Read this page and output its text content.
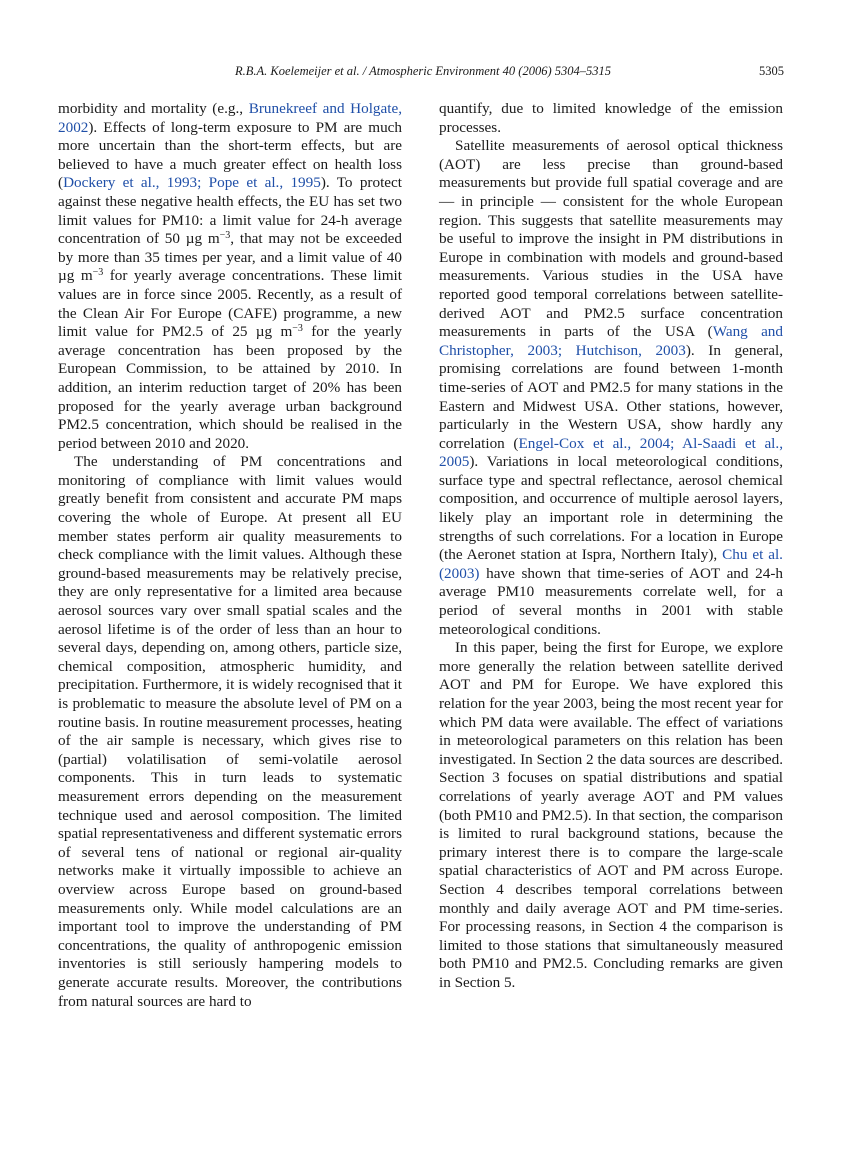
R.B.A. Koelemeijer et al. / Atmospheric Environment 40 (2006) 5304–5315	5305

morbidity and mortality (e.g., Brunekreef and Holgate, 2002). Effects of long-term exposure to PM are much more uncertain than the short-term effects, but are believed to have a much greater effect on health loss (Dockery et al., 1993; Pope et al., 1995). To protect against these negative health effects, the EU has set two limit values for PM10: a limit value for 24-h average concentration of 50 µg $m^{-3}$, that may not be exceeded by more than 35 times per year, and a limit value of 40 µg $m^{-3}$ for yearly average concentrations. These limit values are in force since 2005. Recently, as a result of the Clean Air For Europe (CAFE) programme, a new limit value for PM2.5 of 25 µg $m^{-3}$ for the yearly average concentration has been proposed by the European Commission, to be attained by 2010. In addition, an interim reduction target of 20% has been proposed for the yearly average urban background PM2.5 concentration, which should be realised in the period between 2010 and 2020.

The understanding of PM concentrations and monitoring of compliance with limit values would greatly benefit from consistent and accurate PM maps covering the whole of Europe. At present all EU member states perform air quality measurements to check compliance with the limit values. Although these ground-based measurements may be relatively precise, they are only representative for a limited area because aerosol sources vary over small spatial scales and the aerosol lifetime is of the order of less than an hour to several days, depending on, among others, particle size, chemical composition, atmospheric humidity, and precipitation. Furthermore, it is widely recognised that it is problematic to measure the absolute level of PM on a routine basis. In routine measurement processes, heating of the air sample is necessary, which gives rise to (partial) volatilisation of semi-volatile aerosol components. This in turn leads to systematic measurement errors depending on the measurement technique used and aerosol composition. The limited spatial representativeness and different systematic errors of several tens of national or regional air-quality networks make it virtually impossible to achieve an overview across Europe based on ground-based measurements only. While model calculations are an important tool to improve the understanding of PM concentrations, the quality of anthropogenic emission inventories is still seriously hampering models to generate accurate results. Moreover, the contributions from natural sources are hard to

quantify, due to limited knowledge of the emission processes.

Satellite measurements of aerosol optical thickness (AOT) are less precise than ground-based measurements but provide full spatial coverage and are — in principle — consistent for the whole European region. This suggests that satellite measurements may be useful to improve the insight in PM distributions in Europe in combination with models and ground-based measurements. Various studies in the USA have reported good temporal correlations between satellite-derived AOT and PM2.5 surface concentration measurements in parts of the USA (Wang and Christopher, 2003; Hutchison, 2003). In general, promising correlations are found between 1-month time-series of AOT and PM2.5 for many stations in the Eastern and Midwest USA. Other stations, however, particularly in the Western USA, show hardly any correlation (Engel-Cox et al., 2004; Al-Saadi et al., 2005). Variations in local meteorological conditions, surface type and spectral reflectance, aerosol chemical composition, and occurrence of multiple aerosol layers, likely play an important role in determining the strengths of such correlations. For a location in Europe (the Aeronet station at Ispra, Northern Italy), Chu et al. (2003) have shown that time-series of AOT and 24-h average PM10 measurements correlate well, for a period of several months in 2001 with stable meteorological conditions.

In this paper, being the first for Europe, we explore more generally the relation between satellite derived AOT and PM for Europe. We have explored this relation for the year 2003, being the most recent year for which PM data were available. The effect of variations in meteorological parameters on this relation has been investigated. In Section 2 the data sources are described. Section 3 focuses on spatial distributions and spatial correlations of yearly average AOT and PM values (both PM10 and PM2.5). In that section, the comparison is limited to rural background stations, because the primary interest there is to compare the large-scale spatial characteristics of AOT and PM across Europe. Section 4 describes temporal correlations between monthly and daily average AOT and PM time-series. For processing reasons, in Section 4 the comparison is limited to those stations that simultaneously measured both PM10 and PM2.5. Concluding remarks are given in Section 5.
